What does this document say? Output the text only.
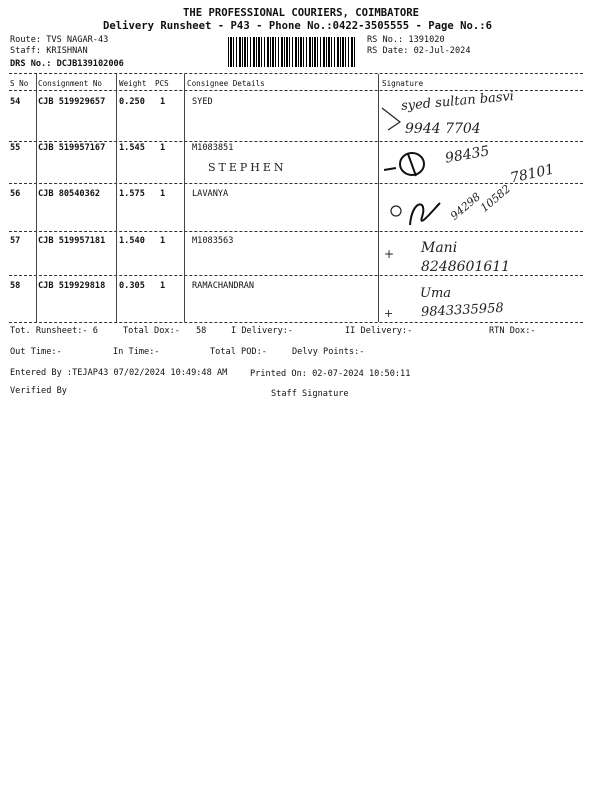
THE PROFESSIONAL COURIERS, COIMBATORE
Delivery Runsheet - P43 - Phone No.:0422-3505555 - Page No.:6
Route: TVS NAGAR-43
Staff: KRISHNAN
DRS No.: DCJB139102006
RS No.: 1391020
RS Date: 02-Jul-2024
S No Consignment No Weight PCS Consignee Details	Signature
54 CJB 519929657 0.250 1	SYED	syed sultan basvi
9944 7704
55 CJB 519957167 1.545 1	M1083851
STEPHEN
98435
78101
56 CJB 80540362 1.575 1	LAVANYA	94298
10582
57 CJB 519957181 1.540 1	M1083563
+ Mani
8248601611
58 CJB 519929818 0.305 1	RAMACHANDRAN	Uma
+ 9843335958
Tot. Runsheet:- 6	Total Dox:- 58	I Delivery:-	II Delivery:-	RTN Dox:-
Out Time:-	In Time:-	Total POD:-	Delvy Points:-
Entered By :TEJAP43 07/02/2024 10:49:48 AM	Printed On: 02-07-2024 10:50:11
Verified By	Staff Signature
